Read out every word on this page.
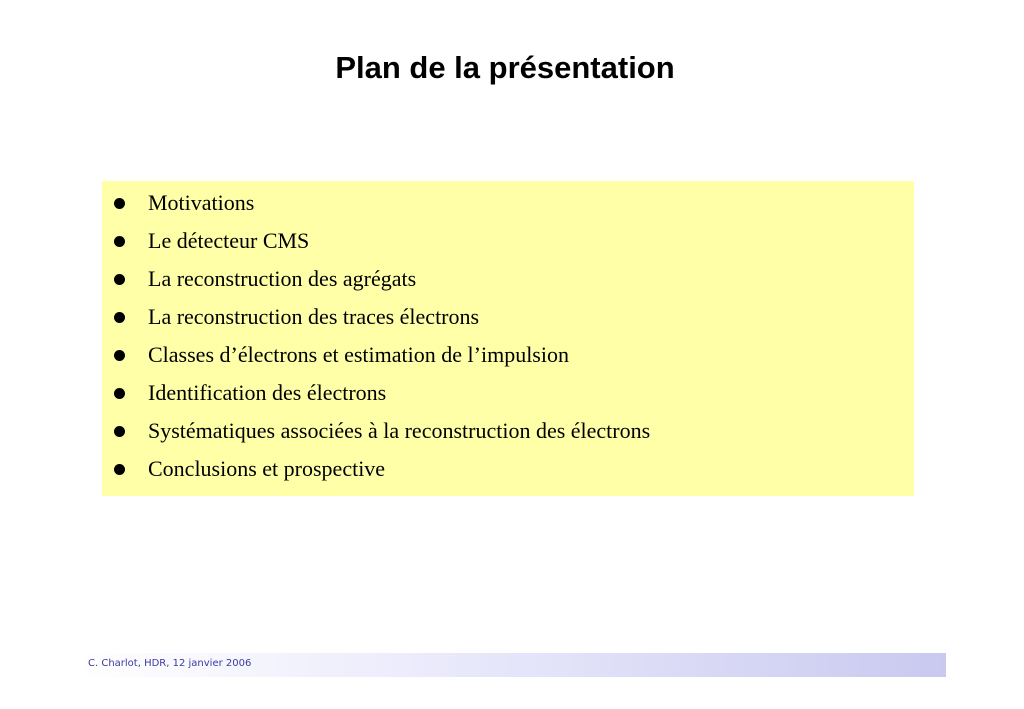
Plan de la présentation
Motivations
Le détecteur CMS
La reconstruction des agrégats
La reconstruction des traces électrons
Classes d’électrons et estimation de l’impulsion
Identification des électrons
Systématiques associées à la reconstruction des électrons
Conclusions et prospective
C. Charlot, HDR, 12 janvier 2006
